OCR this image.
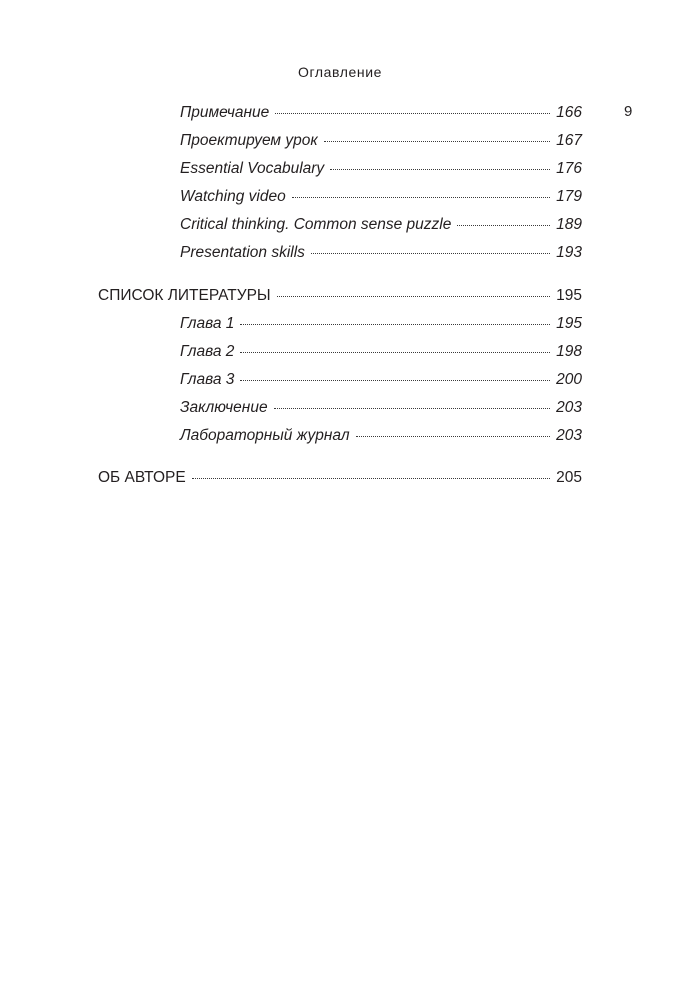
Оглавление
9
Примечание	166
Проектируем урок	167
Essential Vocabulary	176
Watching video	179
Critical thinking. Common sense puzzle	189
Presentation skills	193
СПИСОК ЛИТЕРАТУРЫ	195
Глава 1	195
Глава 2	198
Глава 3	200
Заключение	203
Лабораторный журнал	203
ОБ АВТОРЕ	205
